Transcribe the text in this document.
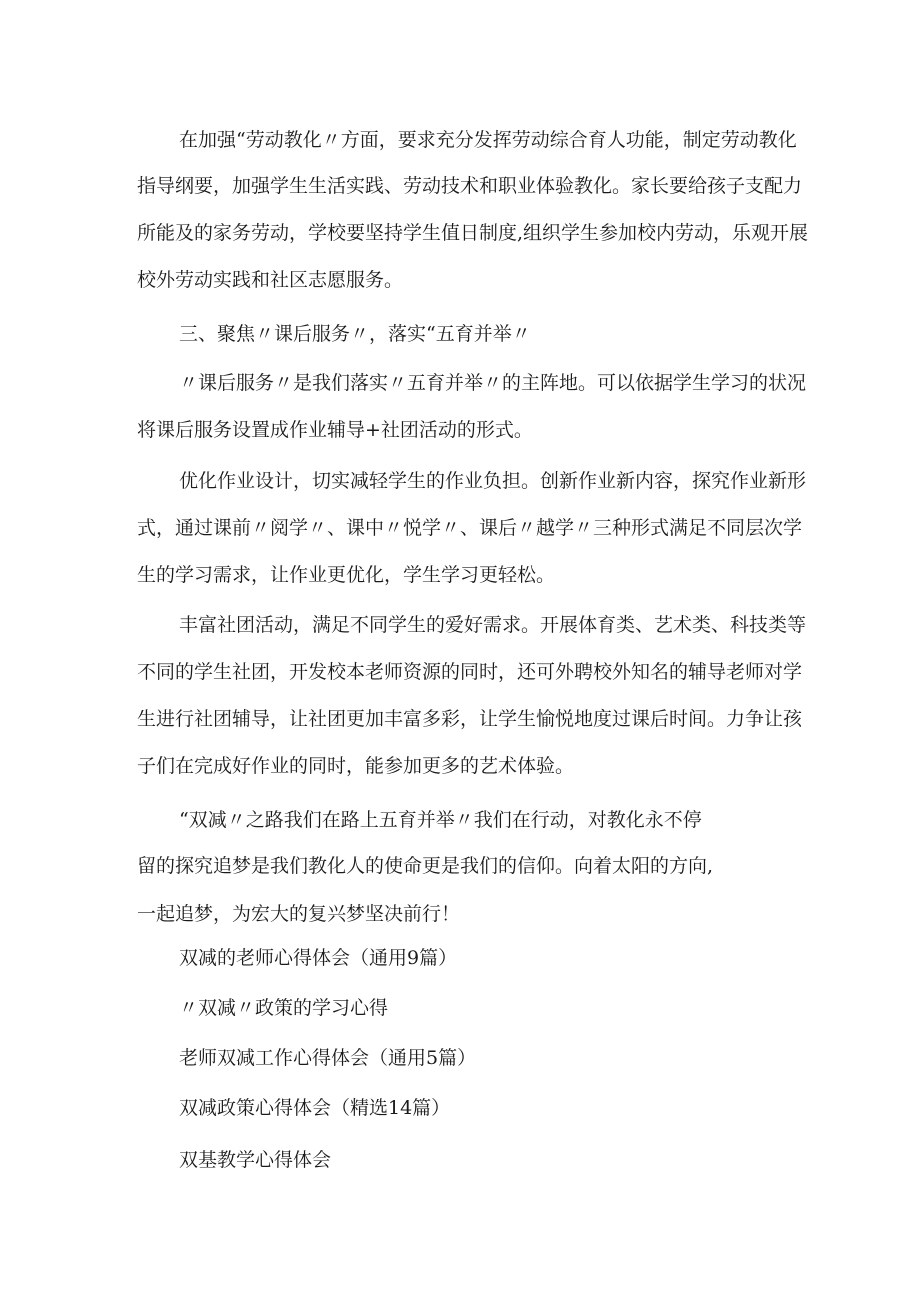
在加强“劳动教化〃方面，要求充分发挥劳动综合育人功能，制定劳动教化
指导纲要，加强学生生活实践、劳动技术和职业体验教化。家长要给孩子支配力
所能及的家务劳动，学校要坚持学生值日制度,组织学生参加校内劳动，乐观开展
校外劳动实践和社区志愿服务。
三、聚焦〃课后服务〃，落实“五育并举〃
〃课后服务〃是我们落实〃五育并举〃的主阵地。可以依据学生学习的状况
将课后服务设置成作业辅导+社团活动的形式。
优化作业设计，切实减轻学生的作业负担。创新作业新内容，探究作业新形
式，通过课前〃阅学〃、课中〃悦学〃、课后〃越学〃三种形式满足不同层次学
生的学习需求，让作业更优化，学生学习更轻松。
丰富社团活动，满足不同学生的爱好需求。开展体育类、艺术类、科技类等
不同的学生社团，开发校本老师资源的同时，还可外聘校外知名的辅导老师对学
生进行社团辅导，让社团更加丰富多彩，让学生愉悦地度过课后时间。力争让孩
子们在完成好作业的同时，能参加更多的艺术体验。
“双减〃之路我们在路上五育并举〃我们在行动，对教化永不停
留的探究追梦是我们教化人的使命更是我们的信仰。向着太阳的方向,
一起追梦，为宏大的复兴梦坚决前行！
双减的老师心得体会（通用9篇）
〃双减〃政策的学习心得
老师双减工作心得体会（通用5篇）
双减政策心得体会（精选14篇）
双基教学心得体会
